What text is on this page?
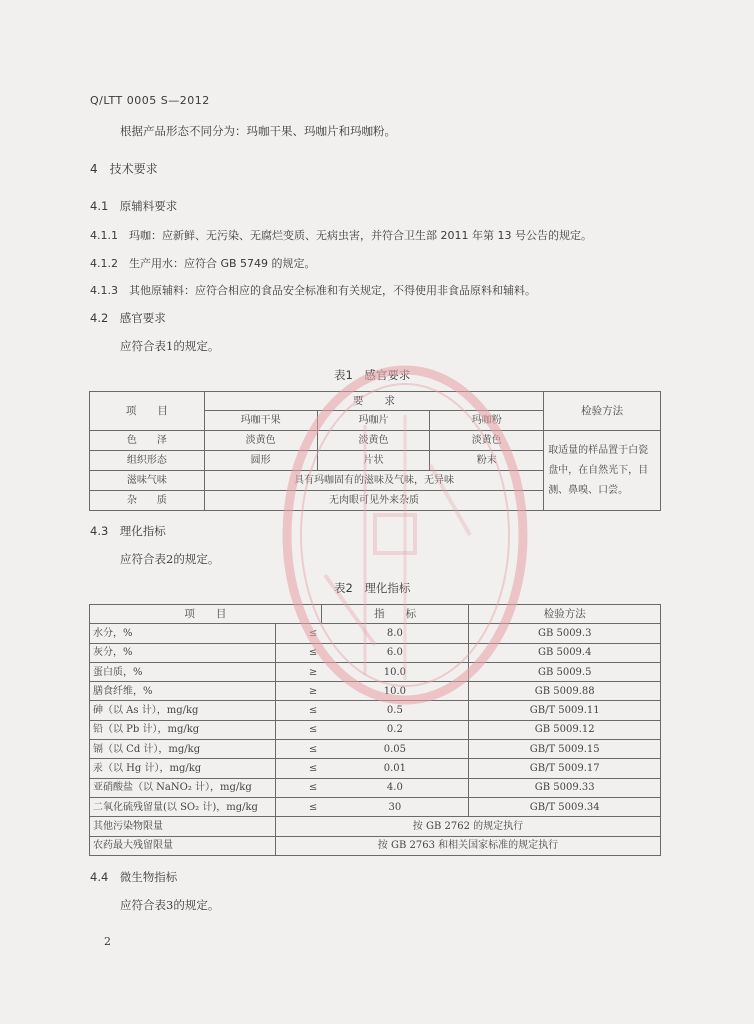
Q/LTT 0005 S—2012
根据产品形态不同分为：玛咖干果、玛咖片和玛咖粉。
4　技术要求
4.1　原辅料要求
4.1.1　玛咖：应新鲜、无污染、无腐烂变质、无病虫害，并符合卫生部 2011 年第 13 号公告的规定。
4.1.2　生产用水：应符合 GB 5749 的规定。
4.1.3　其他原辅料：应符合相应的食品安全标准和有关规定，不得使用非食品原料和辅料。
4.2　感官要求
应符合表1的规定。
表1　感官要求
项　　目	要　　求			检验方法
	玛咖干果	玛咖片	玛咖粉	
色　　泽	淡黄色	淡黄色	淡黄色	取适量的样品置于白瓷盘中，在自然光下，目测、鼻嗅、口尝。
组织形态	圆形	片状	粉末	
滋味气味	具有玛咖固有的滋味及气味，无异味			
杂　　质	无肉眼可见外来杂质			
4.3　理化指标
应符合表2的规定。
表2　理化指标
项　　目		指　　标	检验方法
水分，%	≤	8.0	GB 5009.3
灰分，%	≤	6.0	GB 5009.4
蛋白质，%	≥	10.0	GB 5009.5
膳食纤维，%	≥	10.0	GB 5009.88
砷（以 As 计），mg/kg	≤	0.5	GB/T 5009.11
铅（以 Pb 计），mg/kg	≤	0.2	GB 5009.12
镉（以 Cd 计），mg/kg	≤	0.05	GB/T 5009.15
汞（以 Hg 计），mg/kg	≤	0.01	GB/T 5009.17
亚硝酸盐（以 NaNO₂ 计），mg/kg	≤	4.0	GB 5009.33
二氧化硫残留量(以 SO₂ 计)，mg/kg	≤	30	GB/T 5009.34
其他污染物限量	按 GB 2762 的规定执行		
农药最大残留限量	按 GB 2763 和相关国家标准的规定执行		
4.4　微生物指标
应符合表3的规定。
2
